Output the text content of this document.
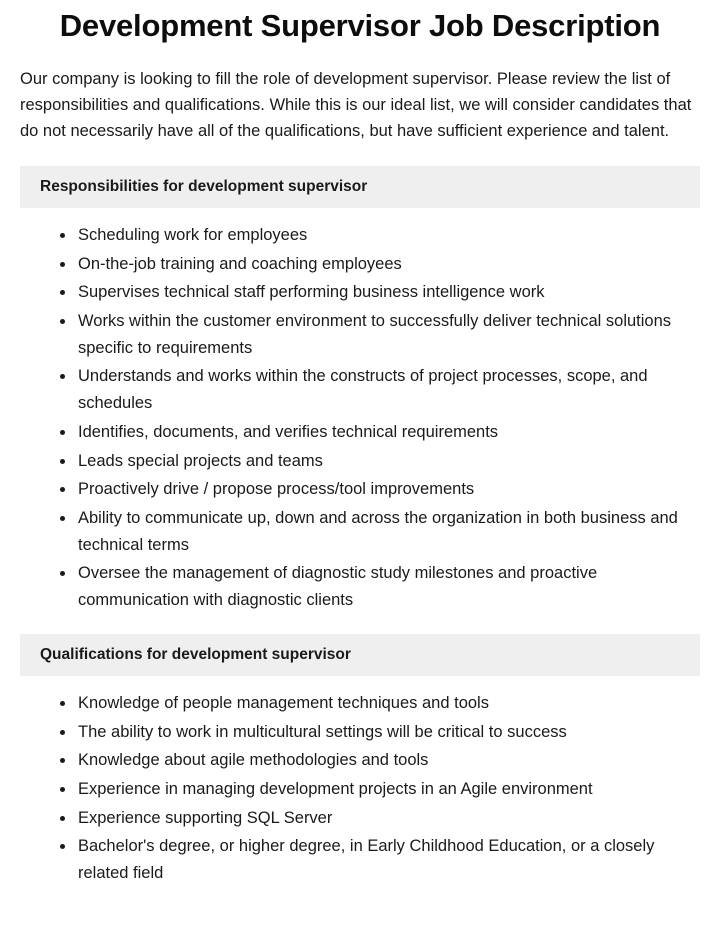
Development Supervisor Job Description

Our company is looking to fill the role of development supervisor. Please review the list of responsibilities and qualifications. While this is our ideal list, we will consider candidates that do not necessarily have all of the qualifications, but have sufficient experience and talent.

Responsibilities for development supervisor
Scheduling work for employees
On-the-job training and coaching employees
Supervises technical staff performing business intelligence work
Works within the customer environment to successfully deliver technical solutions specific to requirements
Understands and works within the constructs of project processes, scope, and schedules
Identifies, documents, and verifies technical requirements
Leads special projects and teams
Proactively drive / propose process/tool improvements
Ability to communicate up, down and across the organization in both business and technical terms
Oversee the management of diagnostic study milestones and proactive communication with diagnostic clients
Qualifications for development supervisor
Knowledge of people management techniques and tools
The ability to work in multicultural settings will be critical to success
Knowledge about agile methodologies and tools
Experience in managing development projects in an Agile environment
Experience supporting SQL Server
Bachelor's degree, or higher degree, in Early Childhood Education, or a closely related field
